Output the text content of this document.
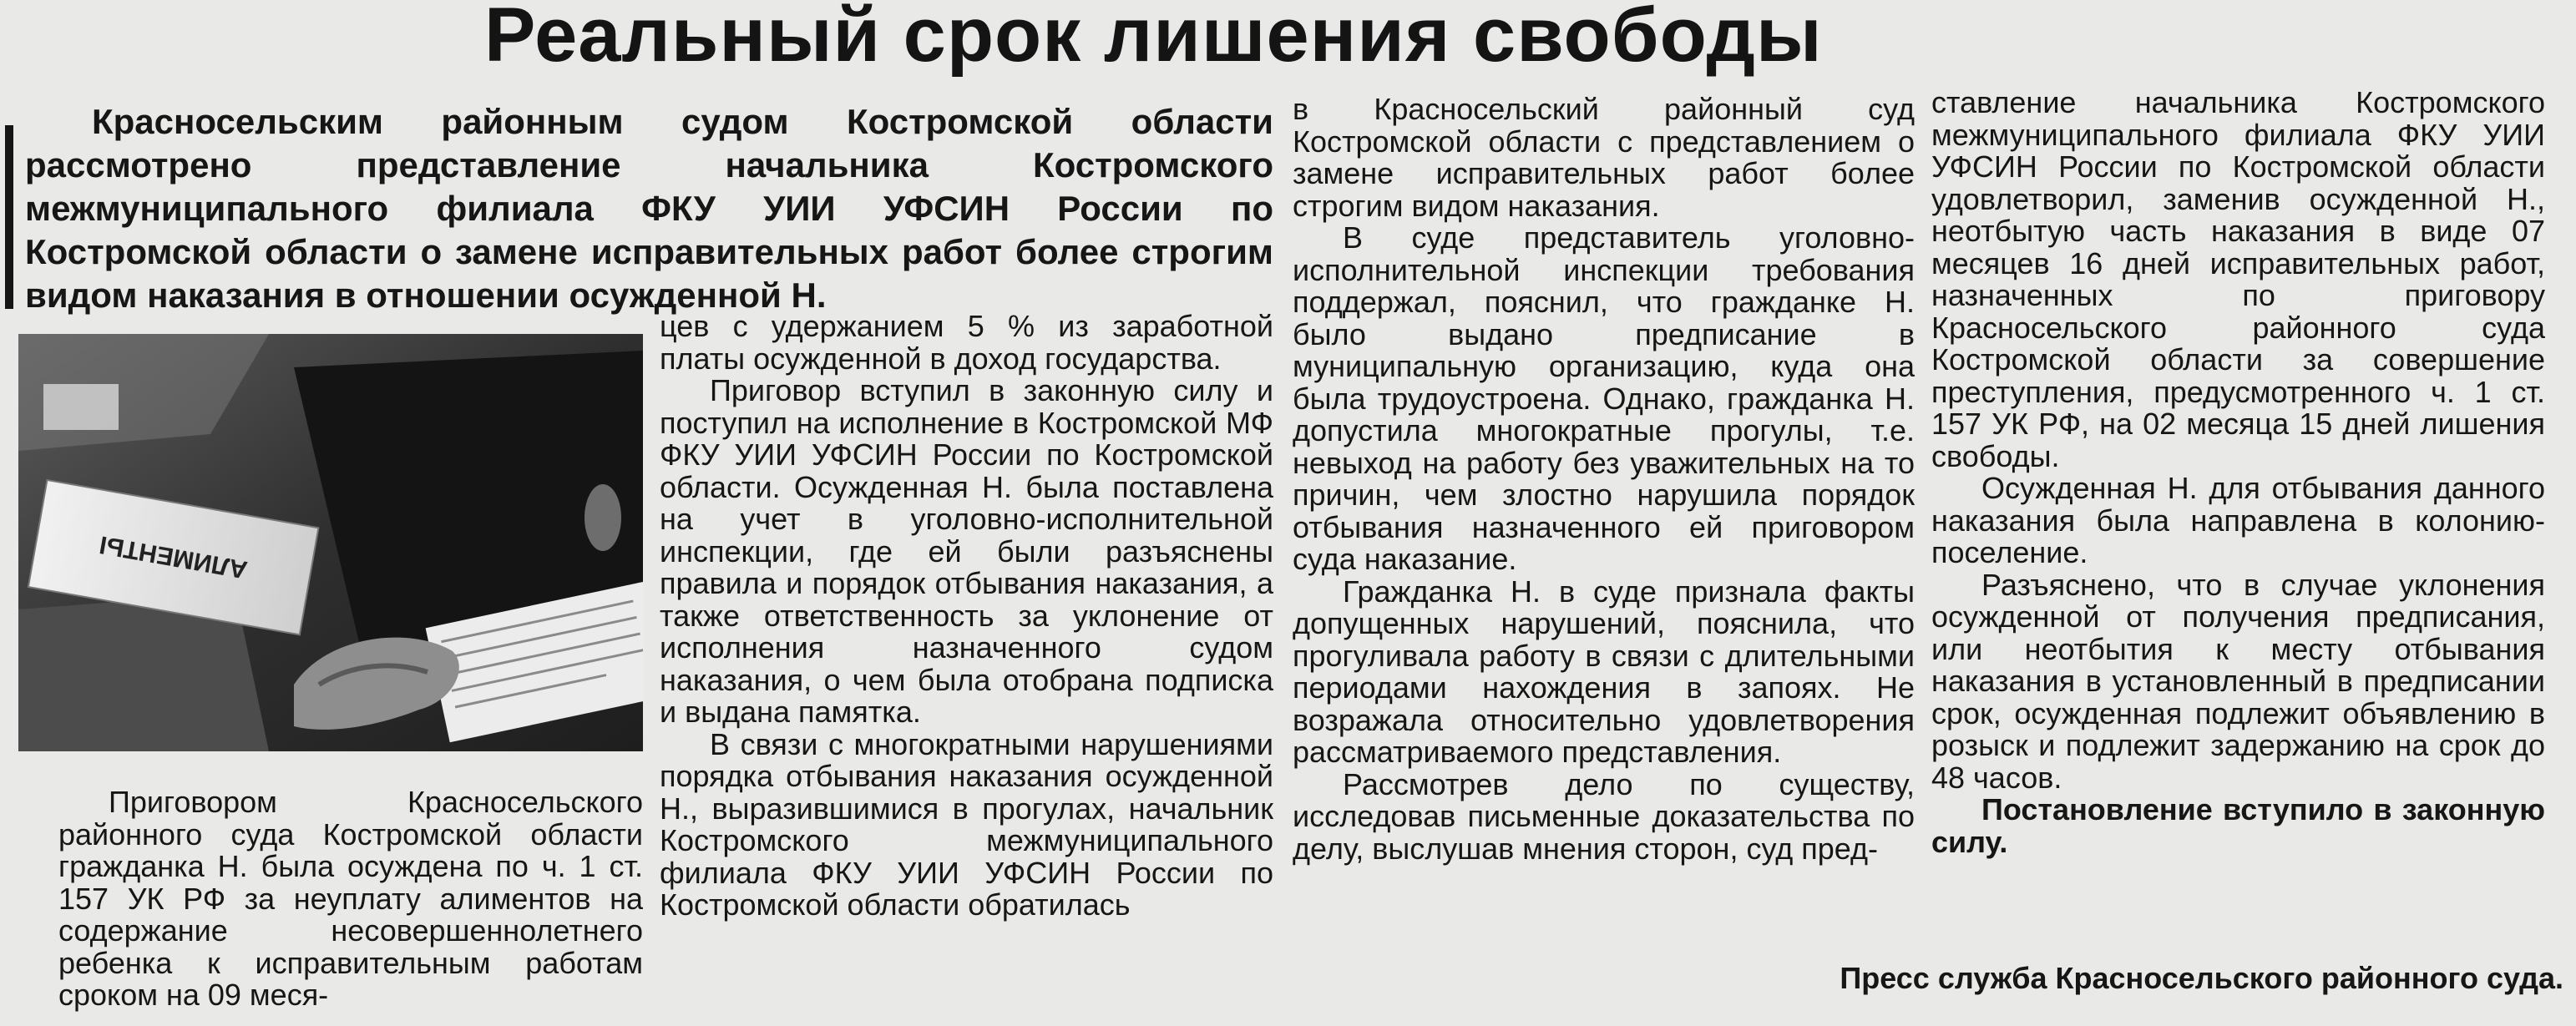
Реальный срок лишения свободы
Красносельским районным судом Костромской области рассмотрено представление начальника Костромского межмуниципального филиала ФКУ УИИ УФСИН России по Костромской области о замене исправительных работ более строгим видом наказания в отношении осужденной Н.
АЛИМЕНТЫ

Приговором Красносельского районного суда Костромской области гражданка Н. была осуждена по ч. 1 ст. 157 УК РФ за неуплату алиментов на содержание несовершеннолетнего ребенка к исправительным работам сроком на 09 меся-

цев с удержанием 5 % из заработной платы осужденной в доход государства.

Приговор вступил в законную силу и поступил на исполнение в Костромской МФ ФКУ УИИ УФСИН России по Костромской области. Осужденная Н. была поставлена на учет в уголовно-исполнительной инспекции, где ей были разъяснены правила и порядок отбывания наказания, а также ответственность за уклонение от исполнения назначенного судом наказания, о чем была отобрана подписка и выдана памятка.

В связи с многократными нарушениями порядка отбывания наказания осужденной Н., выразившимися в прогулах, начальник Костромского межмуниципального филиала ФКУ УИИ УФСИН России по Костромской области обратилась

в Красносельский районный суд Костромской области с представлением о замене исправительных работ более строгим видом наказания.

В суде представитель уголовно-исполнительной инспекции требования поддержал, пояснил, что гражданке Н. было выдано предписание в муниципальную организацию, куда она была трудоустроена. Однако, гражданка Н. допустила многократные прогулы, т.е. невыход на работу без уважительных на то причин, чем злостно нарушила порядок отбывания назначенного ей приговором суда наказание.

Гражданка Н. в суде признала факты допущенных нарушений, пояснила, что прогуливала работу в связи с длительными периодами нахождения в запоях. Не возражала относительно удовлетворения рассматриваемого представления.

Рассмотрев дело по существу, исследовав письменные доказательства по делу, выслушав мнения сторон, суд пред-

ставление начальника Костромского межмуниципального филиала ФКУ УИИ УФСИН России по Костромской области удовлетворил, заменив осужденной Н., неотбытую часть наказания в виде 07 месяцев 16 дней исправительных работ, назначенных по приговору Красносельского районного суда Костромской области за совершение преступления, предусмотренного ч. 1 ст. 157 УК РФ, на 02 месяца 15 дней лишения свободы.

Осужденная Н. для отбывания данного наказания была направлена в колонию-поселение.

Разъяснено, что в случае уклонения осужденной от получения предписания, или неотбытия к месту отбывания наказания в установленный в предписании срок, осужденная подлежит объявлению в розыск и подлежит задержанию на срок до 48 часов.

Постановление вступило в законную силу.

Пресс служба Красносельского районного суда.
